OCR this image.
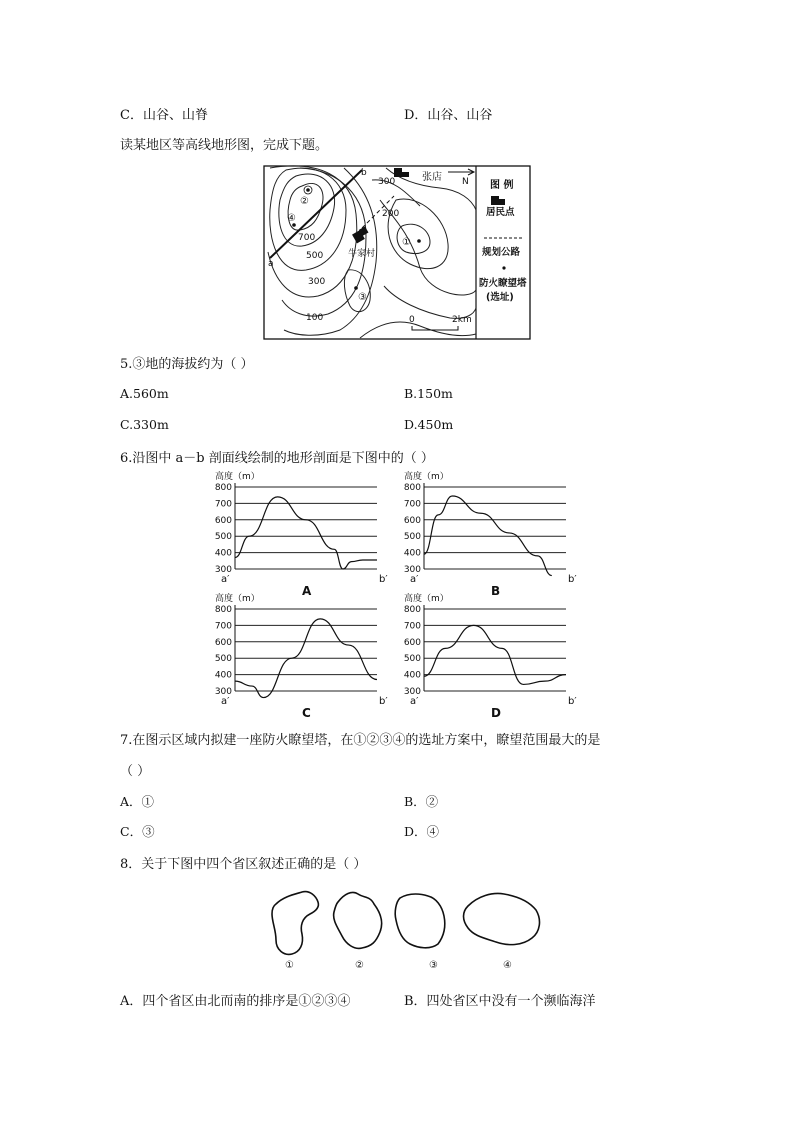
C．山谷、山脊	D．山谷、山谷
读某地区等高线地形图，完成下题。
b
a
张店 N
牛家村
300
200
700
500
300
100
②
④
①
③
0	2km
图 例
居民点
规划公路
防火瞭望塔
(选址)
5.③地的海拔约为（ ）
A.560m	B.150m
C.330m	D.450m
6.沿图中 a－b 剖面线绘制的地形剖面是下图中的（ ）
800
700
600
500
400
300
高度（m）
a′	b′
A
800
700
600
500
400
300
高度（m）
a′	b′
B
800
700
600
500
400
300
高度（m）
a′	b′
C
800
700
600
500
400
300
高度（m）
a′	b′
D
7.在图示区域内拟建一座防火瞭望塔，在①②③④的选址方案中，瞭望范围最大的是
（ ）
A．①	B．②
C．③	D．④
8．关于下图中四个省区叙述正确的是（ ）
①	②	③	④
A．四个省区由北而南的排序是①②③④	B．四处省区中没有一个濒临海洋
